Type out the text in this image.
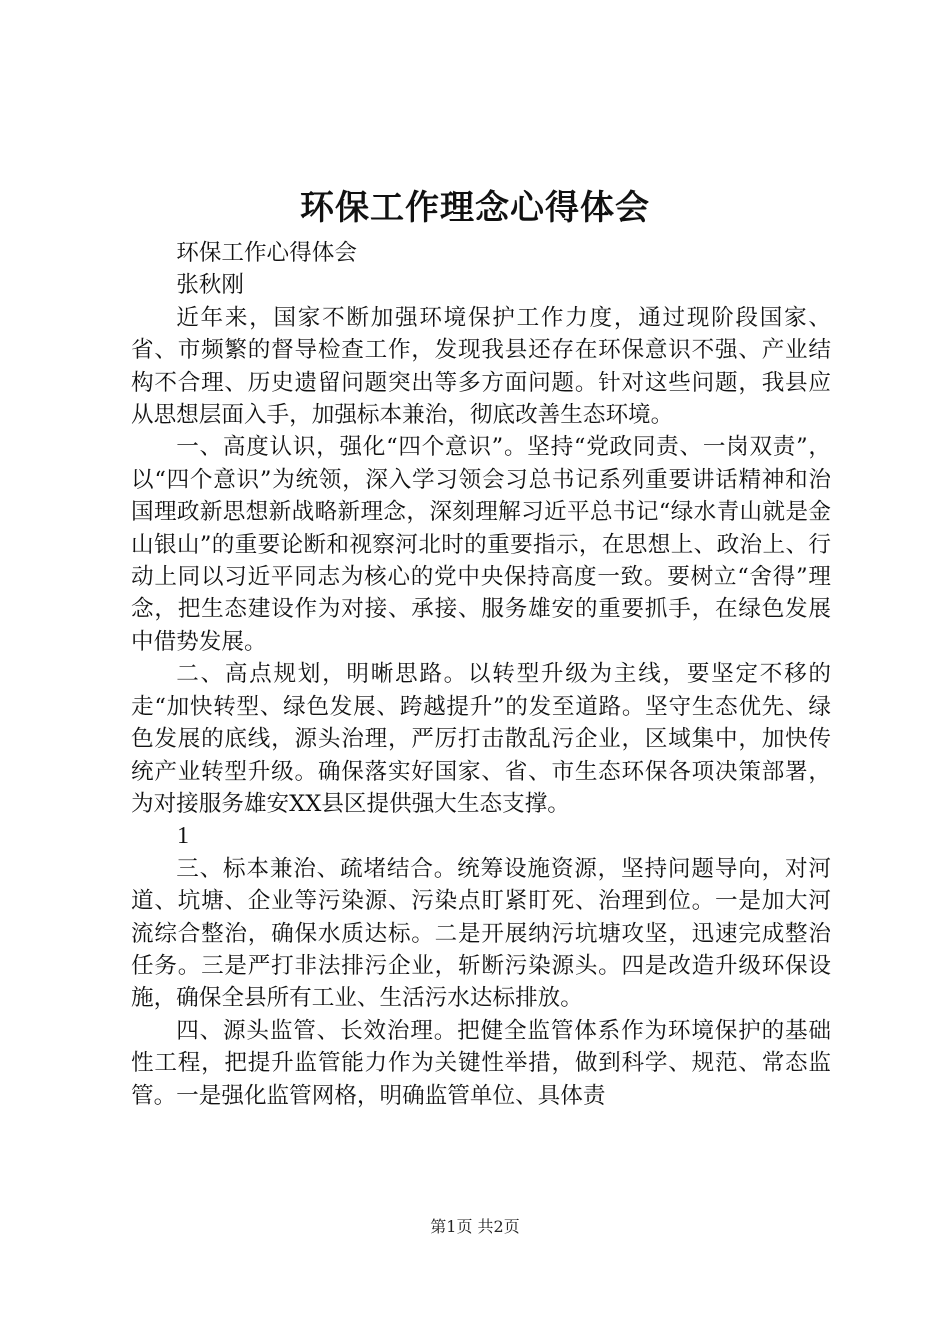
环保工作理念心得体会

环保工作心得体会

张秋刚

近年来，国家不断加强环境保护工作力度，通过现阶段国家、省、市频繁的督导检查工作，发现我县还存在环保意识不强、产业结构不合理、历史遗留问题突出等多方面问题。针对这些问题，我县应从思想层面入手，加强标本兼治，彻底改善生态环境。

一、高度认识，强化“四个意识”。坚持“党政同责、一岗双责”，以“四个意识”为统领，深入学习领会习总书记系列重要讲话精神和治国理政新思想新战略新理念，深刻理解习近平总书记“绿水青山就是金山银山”的重要论断和视察河北时的重要指示，在思想上、政治上、行动上同以习近平同志为核心的党中央保持高度一致。要树立“舍得”理念，把生态建设作为对接、承接、服务雄安的重要抓手，在绿色发展中借势发展。

二、高点规划，明晰思路。以转型升级为主线，要坚定不移的走“加快转型、绿色发展、跨越提升”的发至道路。坚守生态优先、绿色发展的底线，源头治理，严厉打击散乱污企业，区域集中，加快传统产业转型升级。确保落实好国家、省、市生态环保各项决策部署，为对接服务雄安XX县区提供强大生态支撑。

1

三、标本兼治、疏堵结合。统筹设施资源，坚持问题导向，对河道、坑塘、企业等污染源、污染点盯紧盯死、治理到位。一是加大河流综合整治，确保水质达标。二是开展纳污坑塘攻坚，迅速完成整治任务。三是严打非法排污企业，斩断污染源头。四是改造升级环保设施，确保全县所有工业、生活污水达标排放。

四、源头监管、长效治理。把健全监管体系作为环境保护的基础性工程，把提升监管能力作为关键性举措，做到科学、规范、常态监管。一是强化监管网格，明确监管单位、具体责

第1页 共2页
